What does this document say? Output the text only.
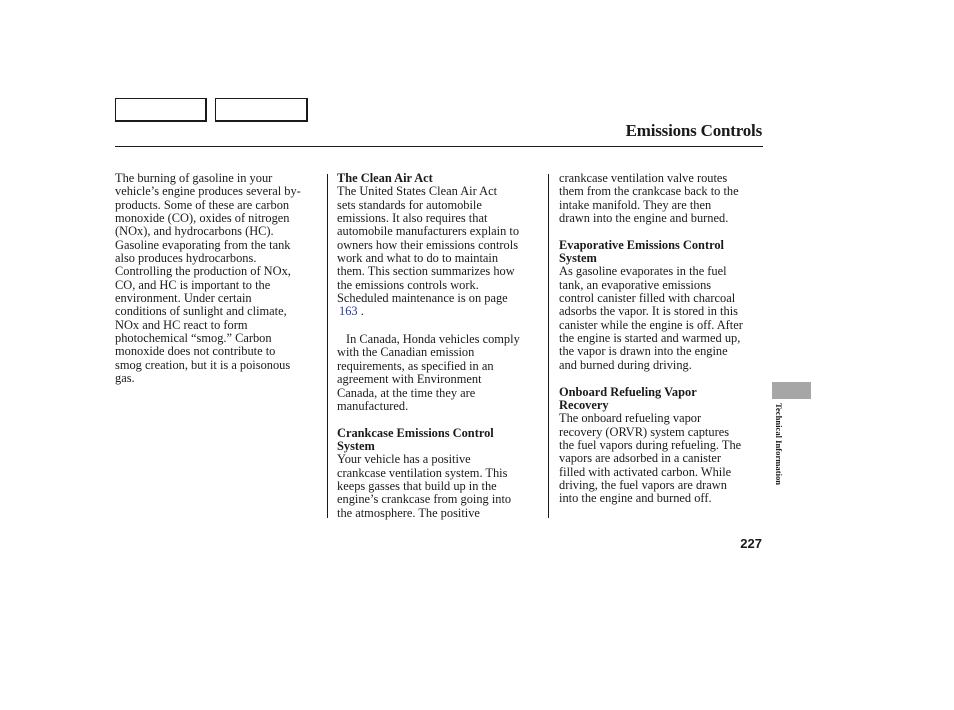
Emissions Controls

The burning of gasoline in your

vehicle’s engine produces several by-

products. Some of these are carbon

monoxide (CO), oxides of nitrogen

(NOx), and hydrocarbons (HC).

Gasoline evaporating from the tank

also produces hydrocarbons.

Controlling the production of NOx,

CO, and HC is important to the

environment. Under certain

conditions of sunlight and climate,

NOx and HC react to form

photochemical “smog.” Carbon

monoxide does not contribute to

smog creation, but it is a poisonous

gas.

The Clean Air Act

The United States Clean Air Act

sets standards for automobile

emissions. It also requires that

automobile manufacturers explain to

owners how their emissions controls

work and what to do to maintain

them. This section summarizes how

the emissions controls work.

Scheduled maintenance is on page

163 .

In Canada, Honda vehicles comply

with the Canadian emission

requirements, as specified in an

agreement with Environment

Canada, at the time they are

manufactured.

Crankcase Emissions Control

System

Your vehicle has a positive

crankcase ventilation system. This

keeps gasses that build up in the

engine’s crankcase from going into

the atmosphere. The positive

crankcase ventilation valve routes

them from the crankcase back to the

intake manifold. They are then

drawn into the engine and burned.

Evaporative Emissions Control

System

As gasoline evaporates in the fuel

tank, an evaporative emissions

control canister filled with charcoal

adsorbs the vapor. It is stored in this

canister while the engine is off. After

the engine is started and warmed up,

the vapor is drawn into the engine

and burned during driving.

Onboard Refueling Vapor

Recovery

The onboard refueling vapor

recovery (ORVR) system captures

the fuel vapors during refueling. The

vapors are adsorbed in a canister

filled with activated carbon. While

driving, the fuel vapors are drawn

into the engine and burned off.

Technical Information
227
